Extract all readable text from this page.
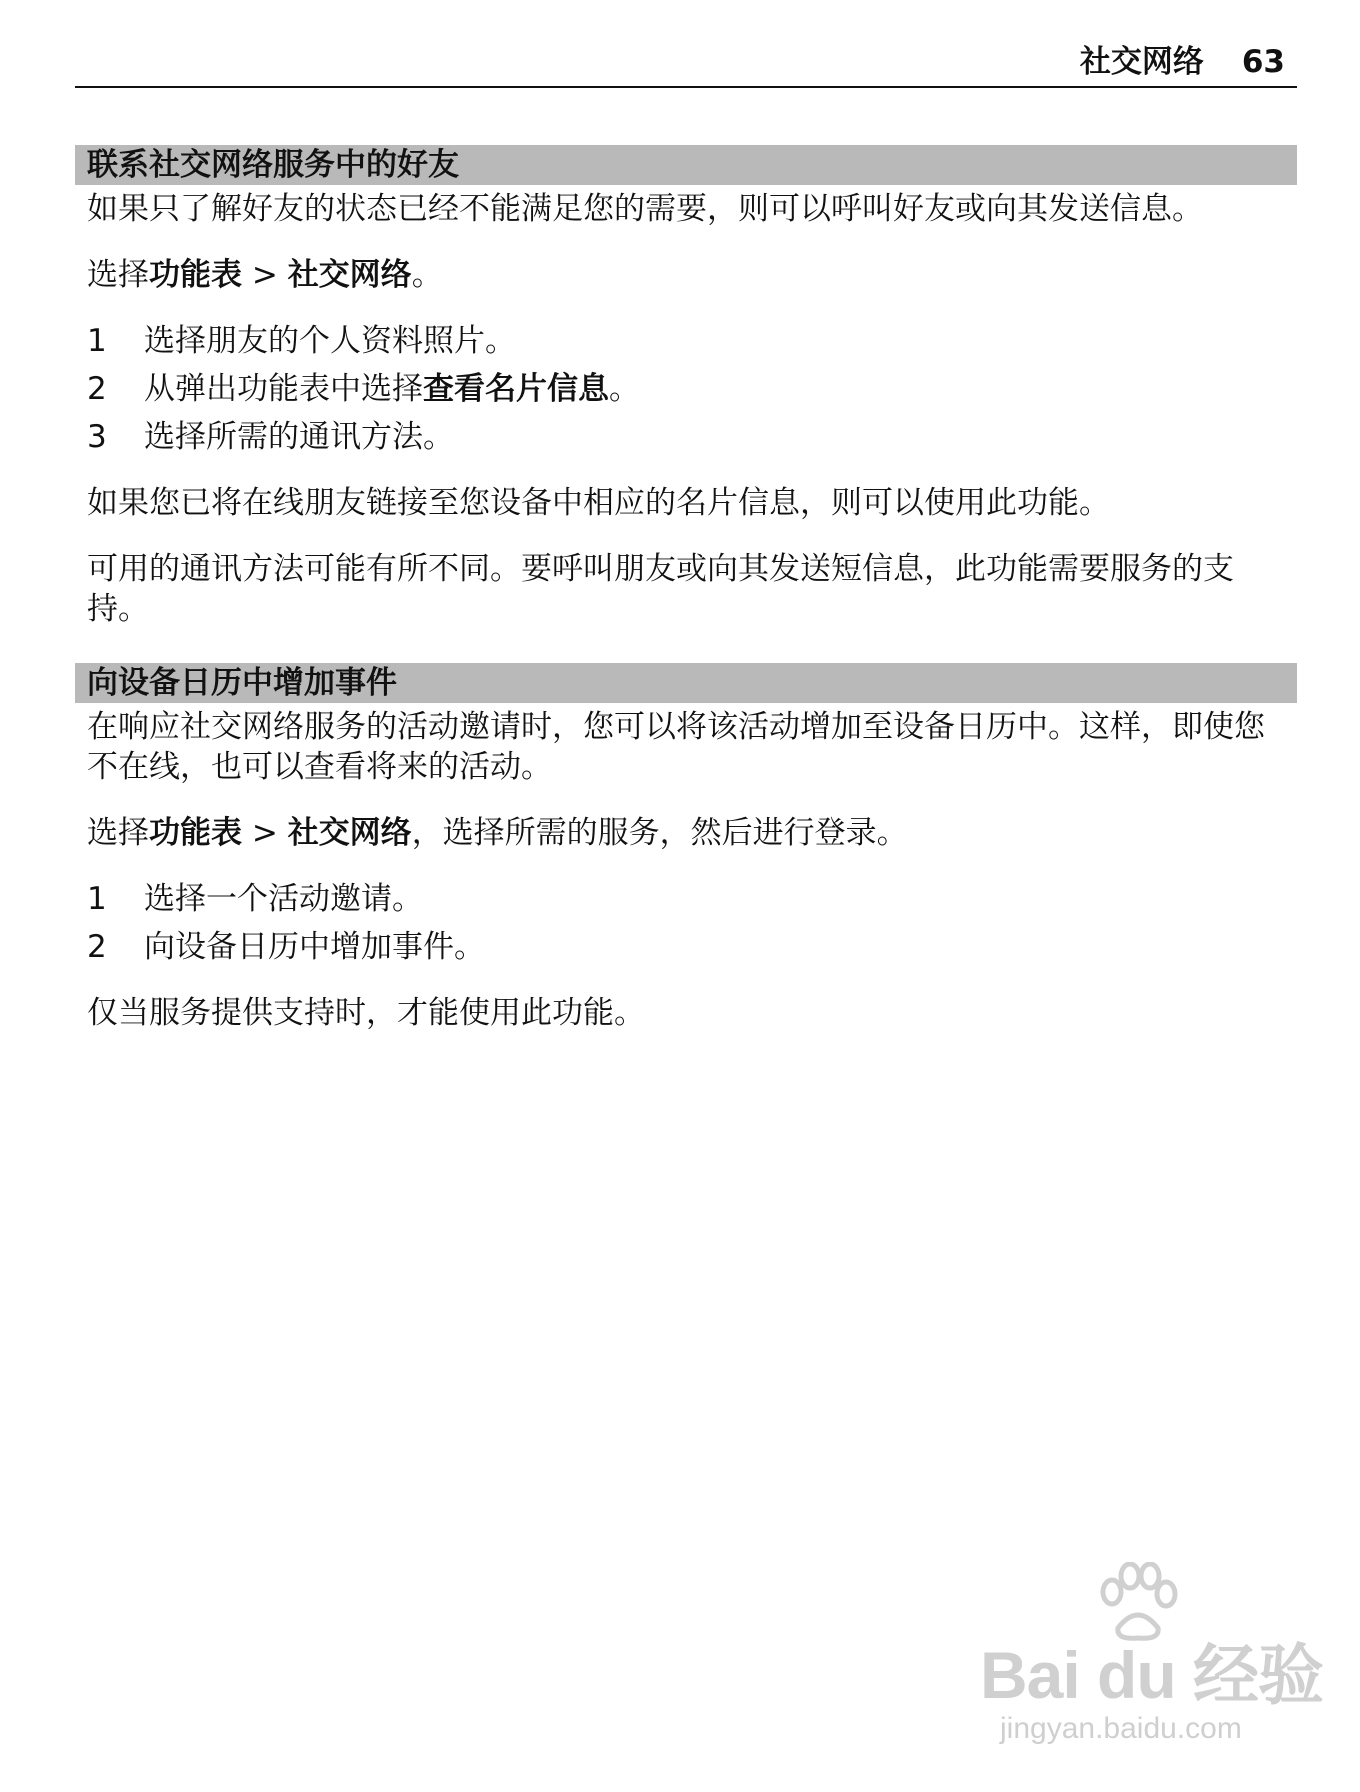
社交网络 63
联系社交网络服务中的好友

如果只了解好友的状态已经不能满足您的需要，则可以呼叫好友或向其发送信息。

选择功能表 > 社交网络。

1 选择朋友的个人资料照片。
2 从弹出功能表中选择查看名片信息。
3 选择所需的通讯方法。

如果您已将在线朋友链接至您设备中相应的名片信息，则可以使用此功能。

可用的通讯方法可能有所不同。要呼叫朋友或向其发送短信息，此功能需要服务的支持。

向设备日历中增加事件

在响应社交网络服务的活动邀请时，您可以将该活动增加至设备日历中。这样，即使您不在线，也可以查看将来的活动。

选择功能表 > 社交网络，选择所需的服务，然后进行登录。

1 选择一个活动邀请。
2 向设备日历中增加事件。

仅当服务提供支持时，才能使用此功能。

Bai du 经验
jingyan.baidu.com
